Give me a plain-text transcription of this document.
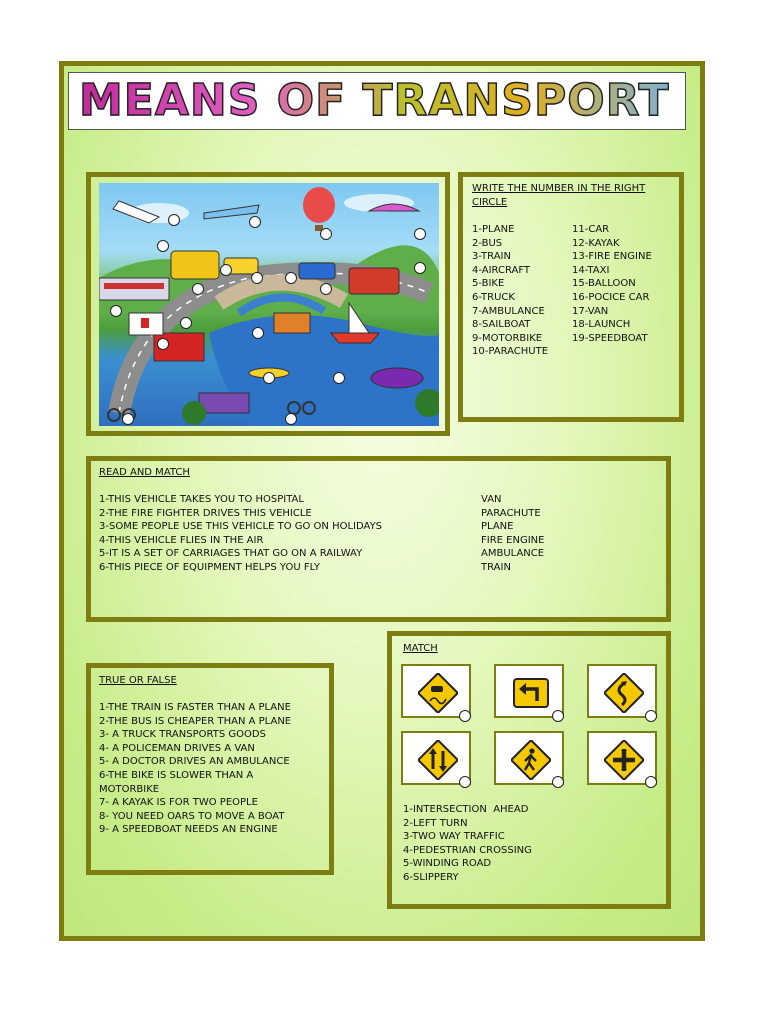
MEANS OF TRANSPORT
WRITE THE NUMBER IN THE RIGHT
CIRCLE
1-PLANE
2-BUS
3-TRAIN
4-AIRCRAFT
5-BIKE
6-TRUCK
7-AMBULANCE
8-SAILBOAT
9-MOTORBIKE
10-PARACHUTE
11-CAR
12-KAYAK
13-FIRE ENGINE
14-TAXI
15-BALLOON
16-POCICE CAR
17-VAN
18-LAUNCH
19-SPEEDBOAT
READ AND MATCH
1-THIS VEHICLE TAKES YOU TO HOSPITAL
2-THE FIRE FIGHTER DRIVES THIS VEHICLE
3-SOME PEOPLE USE THIS VEHICLE TO GO ON HOLIDAYS
4-THIS VEHICLE FLIES IN THE AIR
5-IT IS A SET OF CARRIAGES THAT GO ON A RAILWAY
6-THIS PIECE OF EQUIPMENT HELPS YOU FLY
VAN
PARACHUTE
PLANE
FIRE ENGINE
AMBULANCE
TRAIN
TRUE OR FALSE
1-THE TRAIN IS FASTER THAN A PLANE
2-THE BUS IS CHEAPER THAN A PLANE
3- A TRUCK TRANSPORTS GOODS
4- A POLICEMAN DRIVES A VAN
5- A DOCTOR DRIVES AN AMBULANCE
6-THE BIKE IS SLOWER THAN A
MOTORBIKE
7- A KAYAK IS FOR TWO PEOPLE
8- YOU NEED OARS TO MOVE A BOAT
9- A SPEEDBOAT NEEDS AN ENGINE
MATCH
1-INTERSECTION  AHEAD
2-LEFT TURN
3-TWO WAY TRAFFIC
4-PEDESTRIAN CROSSING
5-WINDING ROAD
6-SLIPPERY
